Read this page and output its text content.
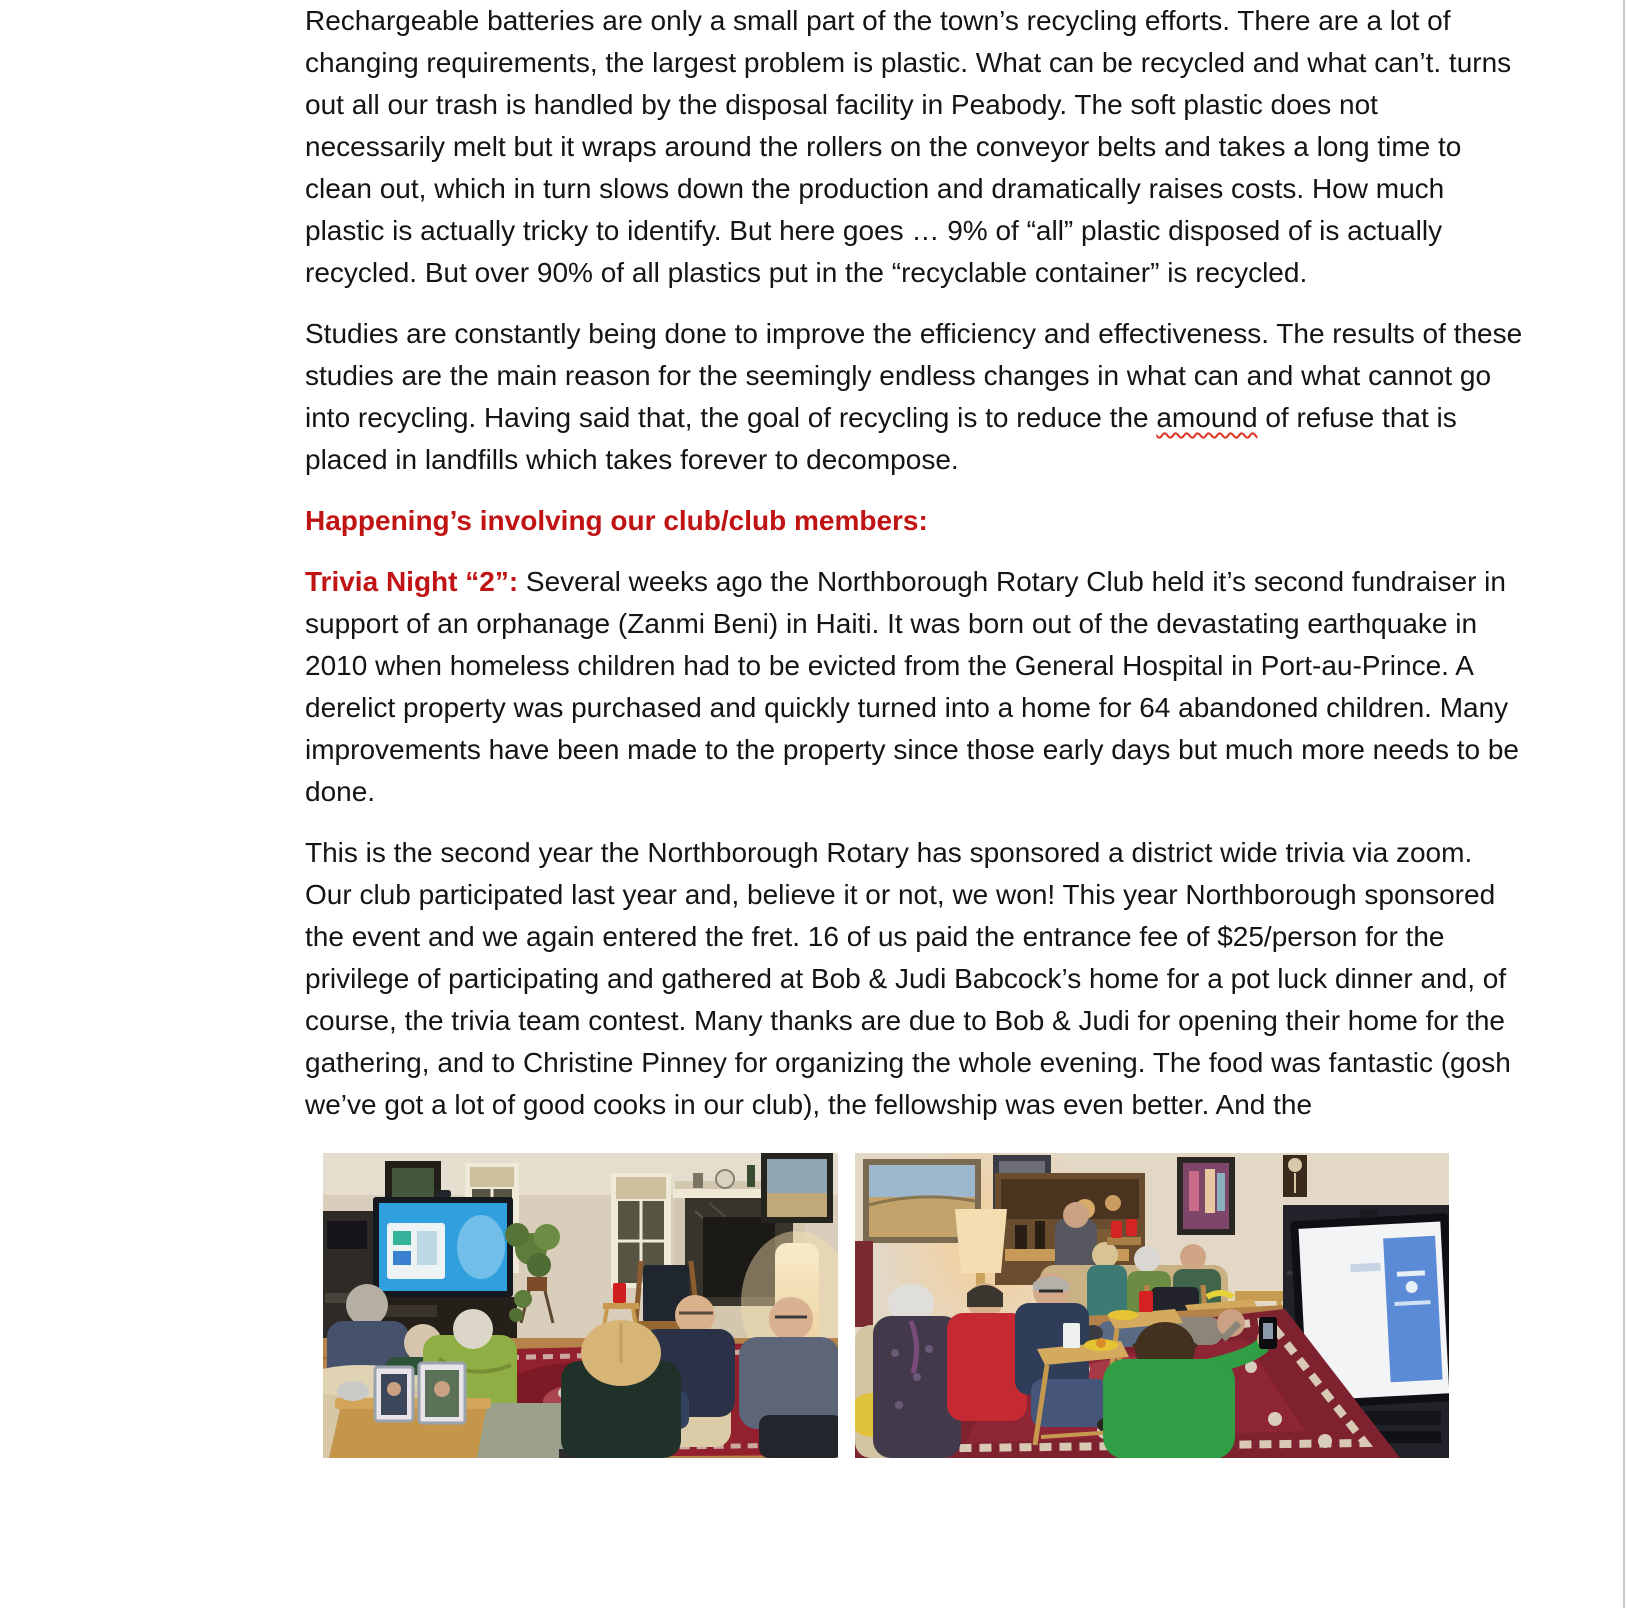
Rechargeable batteries are only a small part of the town’s recycling efforts. There are a lot of changing requirements, the largest problem is plastic. What can be recycled and what can’t. turns out all our trash is handled by the disposal facility in Peabody. The soft plastic does not necessarily melt but it wraps around the rollers on the conveyor belts and takes a long time to clean out, which in turn slows down the production and dramatically raises costs. How much plastic is actually tricky to identify. But here goes … 9% of “all” plastic disposed of is actually recycled. But over 90% of all plastics put in the “recyclable container” is recycled.

Studies are constantly being done to improve the efficiency and effectiveness. The results of these studies are the main reason for the seemingly endless changes in what can and what cannot go into recycling. Having said that, the goal of recycling is to reduce the amound of refuse that is placed in landfills which takes forever to decompose.

Happening’s involving our club/club members:

Trivia Night “2”: Several weeks ago the Northborough Rotary Club held it’s second fundraiser in support of an orphanage (Zanmi Beni) in Haiti. It was born out of the devastating earthquake in 2010 when homeless children had to be evicted from the General Hospital in Port-au-Prince. A derelict property was purchased and quickly turned into a home for 64 abandoned children. Many improvements have been made to the property since those early days but much more needs to be done.

This is the second year the Northborough Rotary has sponsored a district wide trivia via zoom. Our club participated last year and, believe it or not, we won! This year Northborough sponsored the event and we again entered the fret. 16 of us paid the entrance fee of $25/person for the privilege of participating and gathered at Bob & Judi Babcock’s home for a pot luck dinner and, of course, the trivia team contest. Many thanks are due to Bob & Judi for opening their home for the gathering, and to Christine Pinney for organizing the whole evening. The food was fantastic (gosh we’ve got a lot of good cooks in our club), the fellowship was even better. And the
